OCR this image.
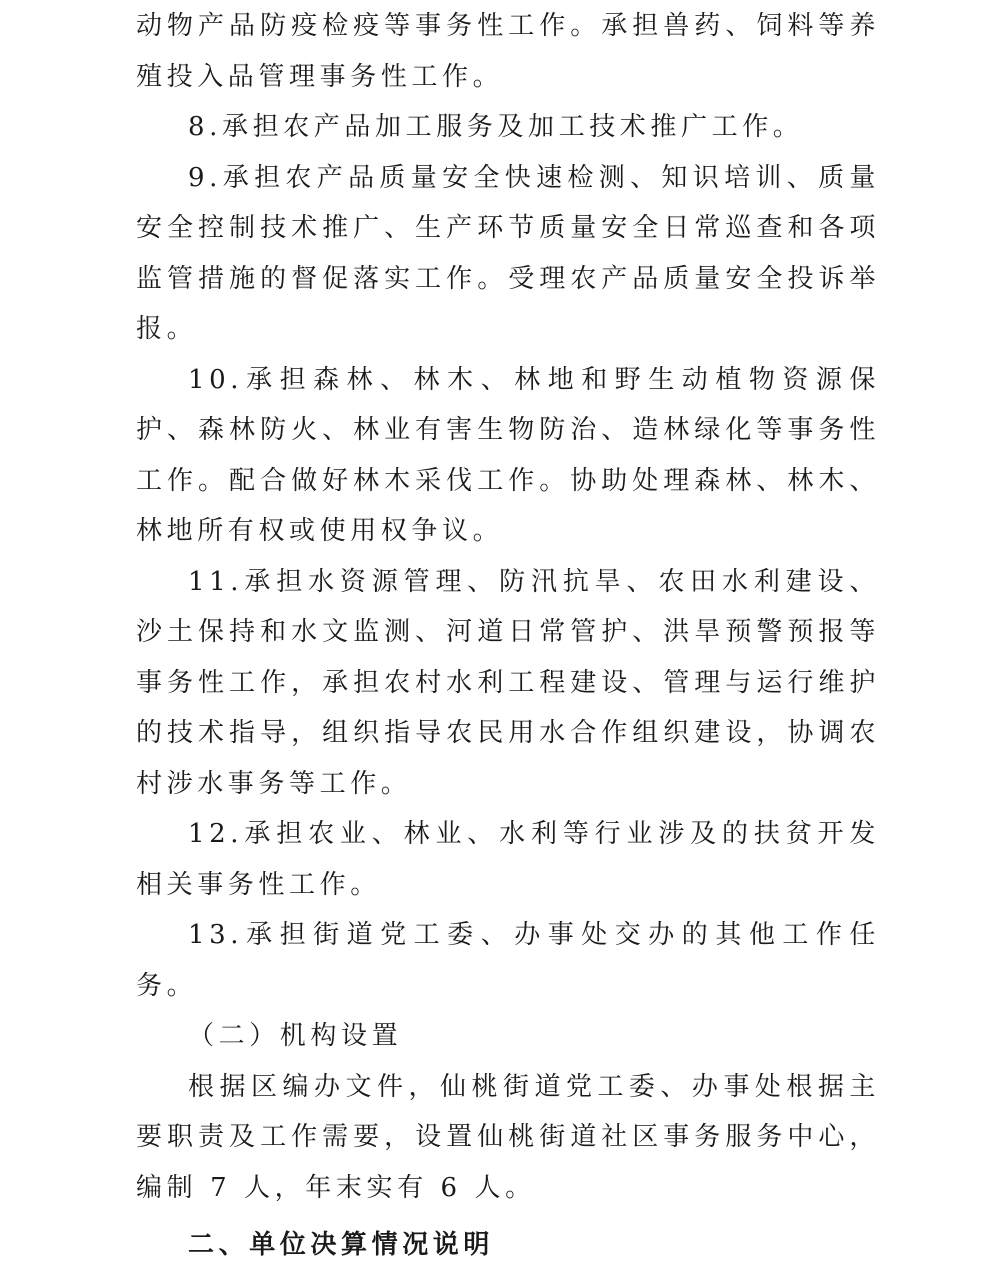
动物产品防疫检疫等事务性工作。承担兽药、饲料等养殖投入品管理事务性工作。

8.承担农产品加工服务及加工技术推广工作。

9.承担农产品质量安全快速检测、知识培训、质量安全控制技术推广、生产环节质量安全日常巡查和各项监管措施的督促落实工作。受理农产品质量安全投诉举报。

10.承担森林、林木、林地和野生动植物资源保护、森林防火、林业有害生物防治、造林绿化等事务性工作。配合做好林木采伐工作。协助处理森林、林木、林地所有权或使用权争议。

11.承担水资源管理、防汛抗旱、农田水利建设、沙土保持和水文监测、河道日常管护、洪旱预警预报等事务性工作，承担农村水利工程建设、管理与运行维护的技术指导，组织指导农民用水合作组织建设，协调农村涉水事务等工作。

12.承担农业、林业、水利等行业涉及的扶贫开发相关事务性工作。

13.承担街道党工委、办事处交办的其他工作任务。

（二）机构设置

根据区编办文件，仙桃街道党工委、办事处根据主要职责及工作需要，设置仙桃街道社区事务服务中心，编制 7 人，年末实有 6 人。

二、单位决算情况说明
